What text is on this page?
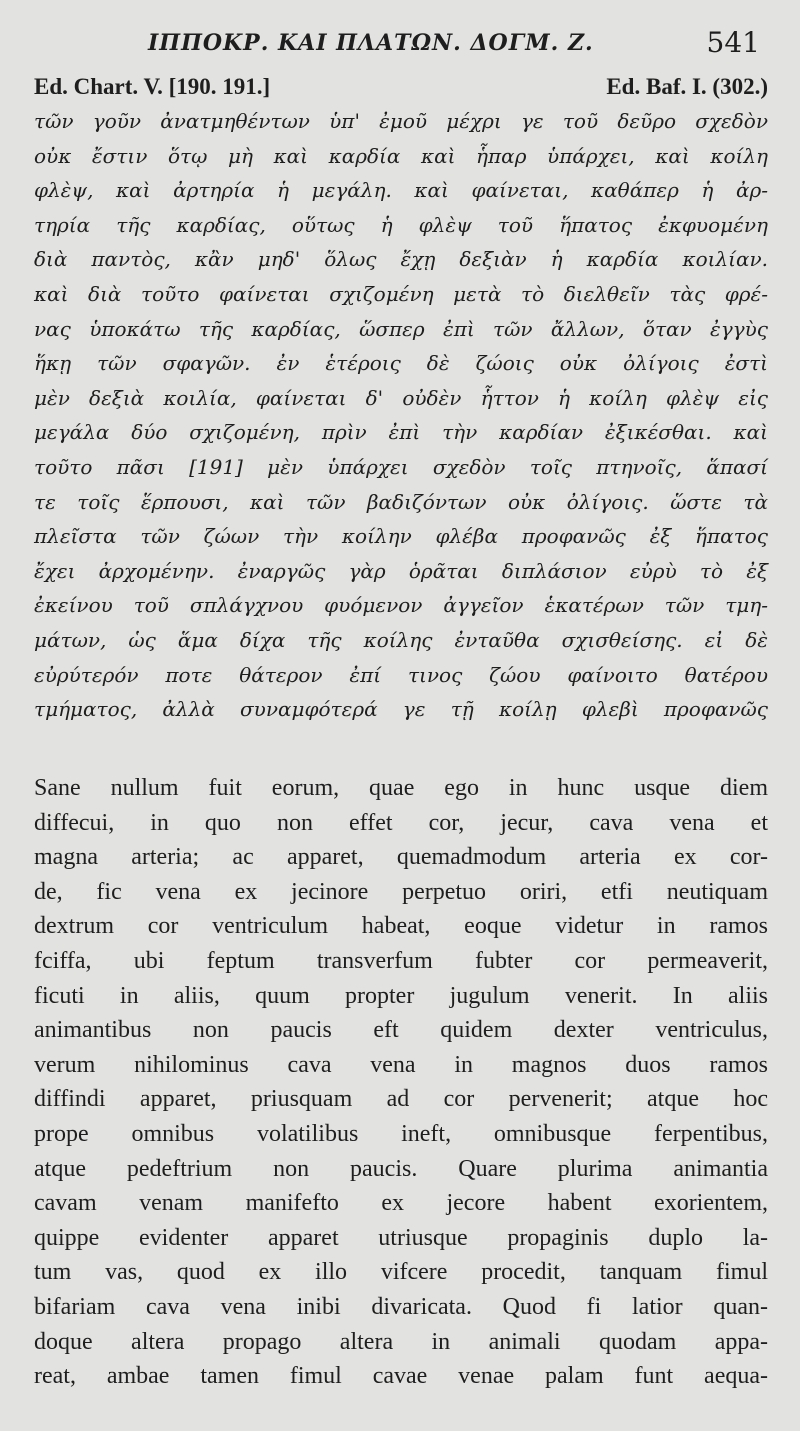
ΙΠΠΟΚΡ. ΚΑΙ ΠΛΑΤΩΝ. ΔΟΓΜ. Ζ.	541
Ed. Chart. V. [190. 191.]	Ed. Baf. I. (302.)
τῶν γοῦν ἀνατμηθέντων ὑπ' ἐμοῦ μέχρι γε τοῦ δεῦρο σχεδὸν
οὐκ ἔστιν ὅτῳ μὴ καὶ καρδία καὶ ἧπαρ ὑπάρχει, καὶ κοίλη
φλὲψ, καὶ ἀρτηρία ἡ μεγάλη. καὶ φαίνεται, καθάπερ ἡ ἀρ-
τηρία τῆς καρδίας, οὕτως ἡ φλὲψ τοῦ ἥπατος ἐκφυομένη
διὰ παντὸς, κἂν μηδ' ὅλως ἔχῃ δεξιὰν ἡ καρδία κοιλίαν.
καὶ διὰ τοῦτο φαίνεται σχιζομένη μετὰ τὸ διελθεῖν τὰς φρέ-
νας ὑποκάτω τῆς καρδίας, ὥσπερ ἐπὶ τῶν ἄλλων, ὅταν ἐγγὺς
ἥκῃ τῶν σφαγῶν. ἐν ἑτέροις δὲ ζώοις οὐκ ὀλίγοις ἐστὶ
μὲν δεξιὰ κοιλία, φαίνεται δ' οὐδὲν ἧττον ἡ κοίλη φλὲψ εἰς
μεγάλα δύο σχιζομένη, πρὶν ἐπὶ τὴν καρδίαν ἐξικέσθαι. καὶ
τοῦτο πᾶσι [191] μὲν ὑπάρχει σχεδὸν τοῖς πτηνοῖς, ἅπασί
τε τοῖς ἕρπουσι, καὶ τῶν βαδιζόντων οὐκ ὀλίγοις. ὥστε τὰ
πλεῖστα τῶν ζώων τὴν κοίλην φλέβα προφανῶς ἐξ ἥπατος
ἔχει ἀρχομένην. ἐναργῶς γὰρ ὁρᾶται διπλάσιον εὐρὺ τὸ ἐξ
ἐκείνου τοῦ σπλάγχνου φυόμενον ἀγγεῖον ἑκατέρων τῶν τμη-
μάτων, ὡς ἅμα δίχα τῆς κοίλης ἐνταῦθα σχισθείσης. εἰ δὲ
εὐρύτερόν ποτε θάτερον ἐπί τινος ζώου φαίνοιτο θατέρου
τμήματος, ἀλλὰ συναμφότερά γε τῇ κοίλῃ φλεβὶ προφανῶς
Sane nullum fuit eorum, quae ego in hunc usque diem
diffecui, in quo non effet cor, jecur, cava vena et
magna arteria; ac apparet, quemadmodum arteria ex cor-
de, fic vena ex jecinore perpetuo oriri, etfi neutiquam
dextrum cor ventriculum habeat, eoque videtur in ramos
fciffa, ubi feptum transverfum fubter cor permeaverit,
ficuti in aliis, quum propter jugulum venerit. In aliis
animantibus non paucis eft quidem dexter ventriculus,
verum nihilominus cava vena in magnos duos ramos
diffindi apparet, priusquam ad cor pervenerit; atque hoc
prope omnibus volatilibus ineft, omnibusque ferpentibus,
atque pedeftrium non paucis. Quare plurima animantia
cavam venam manifefto ex jecore habent exorientem,
quippe evidenter apparet utriusque propaginis duplo la-
tum vas, quod ex illo vifcere procedit, tanquam fimul
bifariam cava vena inibi divaricata. Quod fi latior quan-
doque altera propago altera in animali quodam appa-
reat, ambae tamen fimul cavae venae palam funt aequa-
